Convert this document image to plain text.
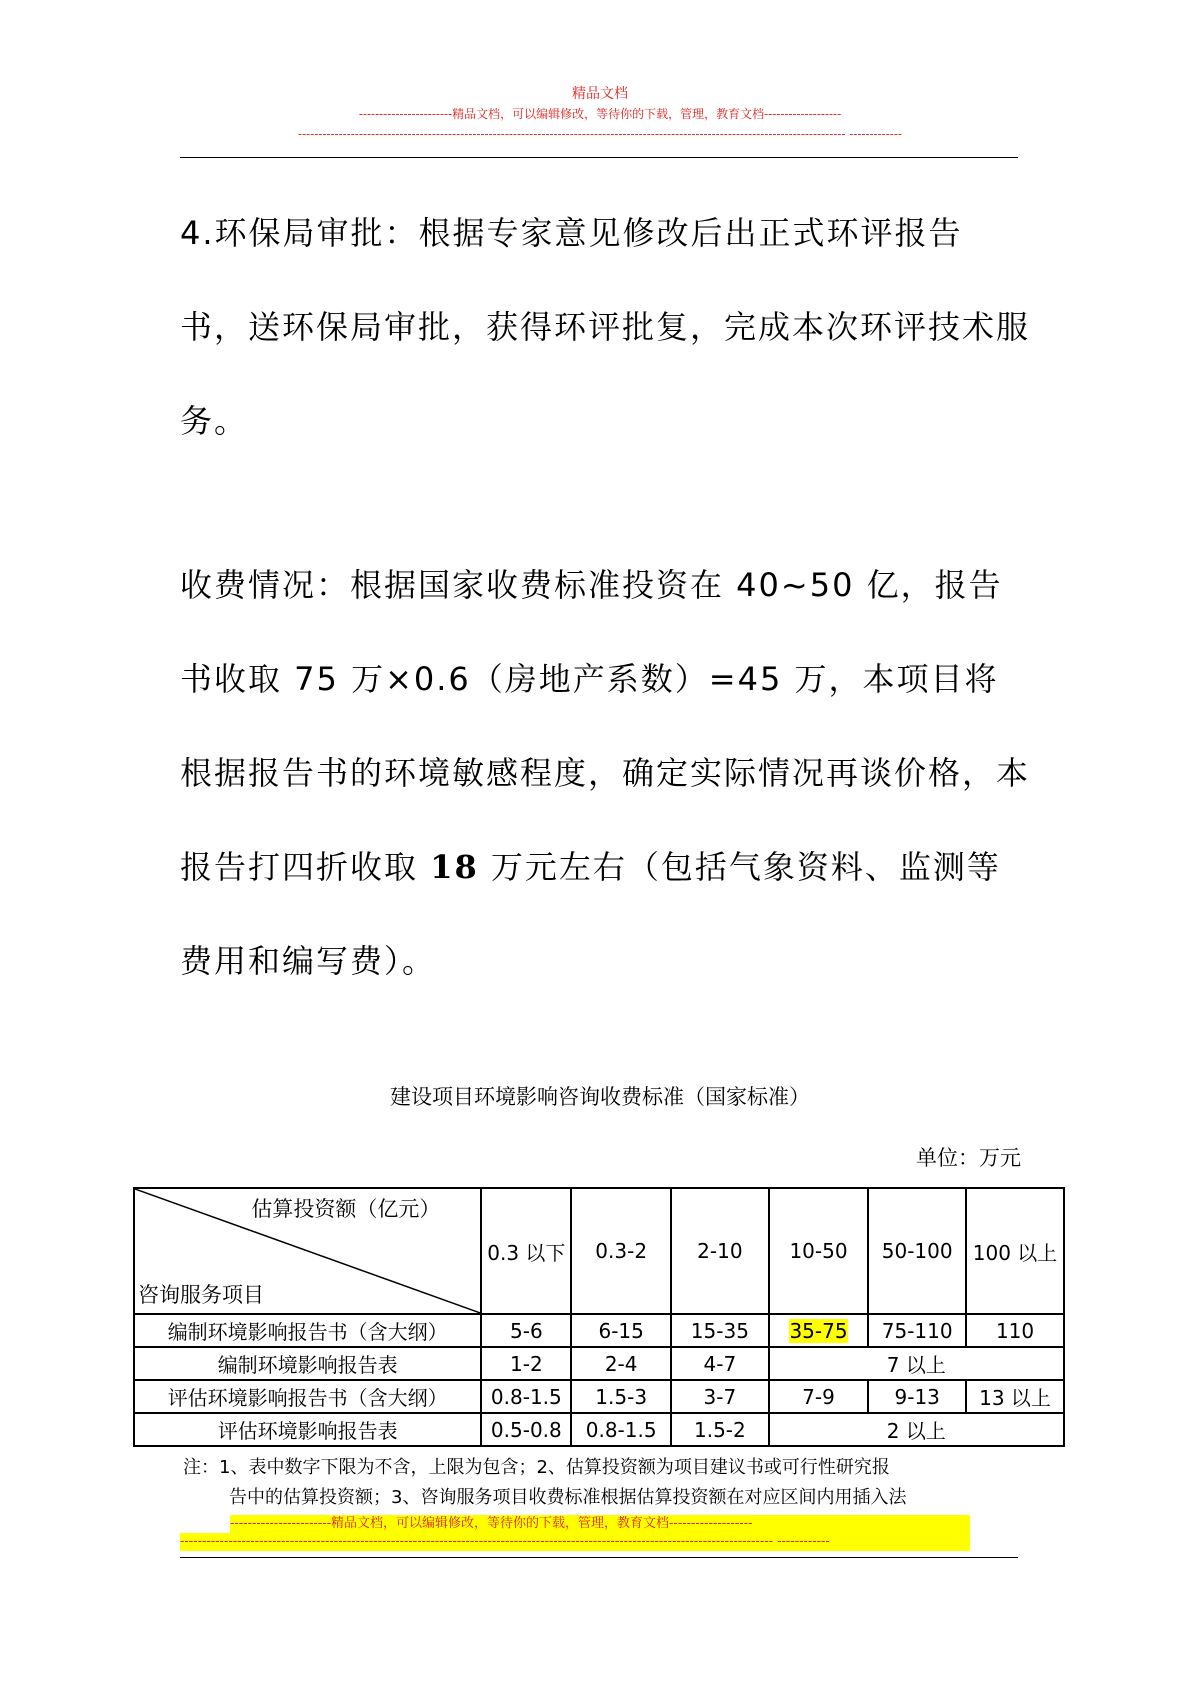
精品文档
-----------------------精品文档，可以编辑修改，等待你的下载，管理，教育文档-------------------
--------------------------------------------------------------------------------------------------------------------------------------- -------------

4.环保局审批：根据专家意见修改后出正式环评报告书，送环保局审批，获得环评批复，完成本次环评技术服务。

收费情况：根据国家收费标准投资在 40~50 亿，报告书收取 75 万×0.6（房地产系数）=45 万，本项目将根据报告书的环境敏感程度，确定实际情况再谈价格，本报告打四折收取 18 万元左右（包括气象资料、监测等费用和编写费）。

建设项目环境影响咨询收费标准（国家标准）
单位：万元
估算投资额（亿元）
咨询服务项目	0.3 以下	0.3-2	2-10	10-50	50-100	100 以上
编制环境影响报告书（含大纲）	5-6	6-15	15-35	35-75	75-110	110
编制环境影响报告表	1-2	2-4	4-7	7 以上		
评估环境影响报告书（含大纲）	0.8-1.5	1.5-3	3-7	7-9	9-13	13 以上
评估环境影响报告表	0.5-0.8	0.8-1.5	1.5-2	2 以上		
注：1、表中数字下限为不含，上限为包含；2、估算投资额为项目建议书或可行性研究报
告中的估算投资额；3、咨询服务项目收费标准根据估算投资额在对应区间内用插入法
-----------------------精品文档，可以编辑修改，等待你的下载，管理，教育文档-------------------
--------------------------------------------------------------------------------------------------------------------------------------- ------------
